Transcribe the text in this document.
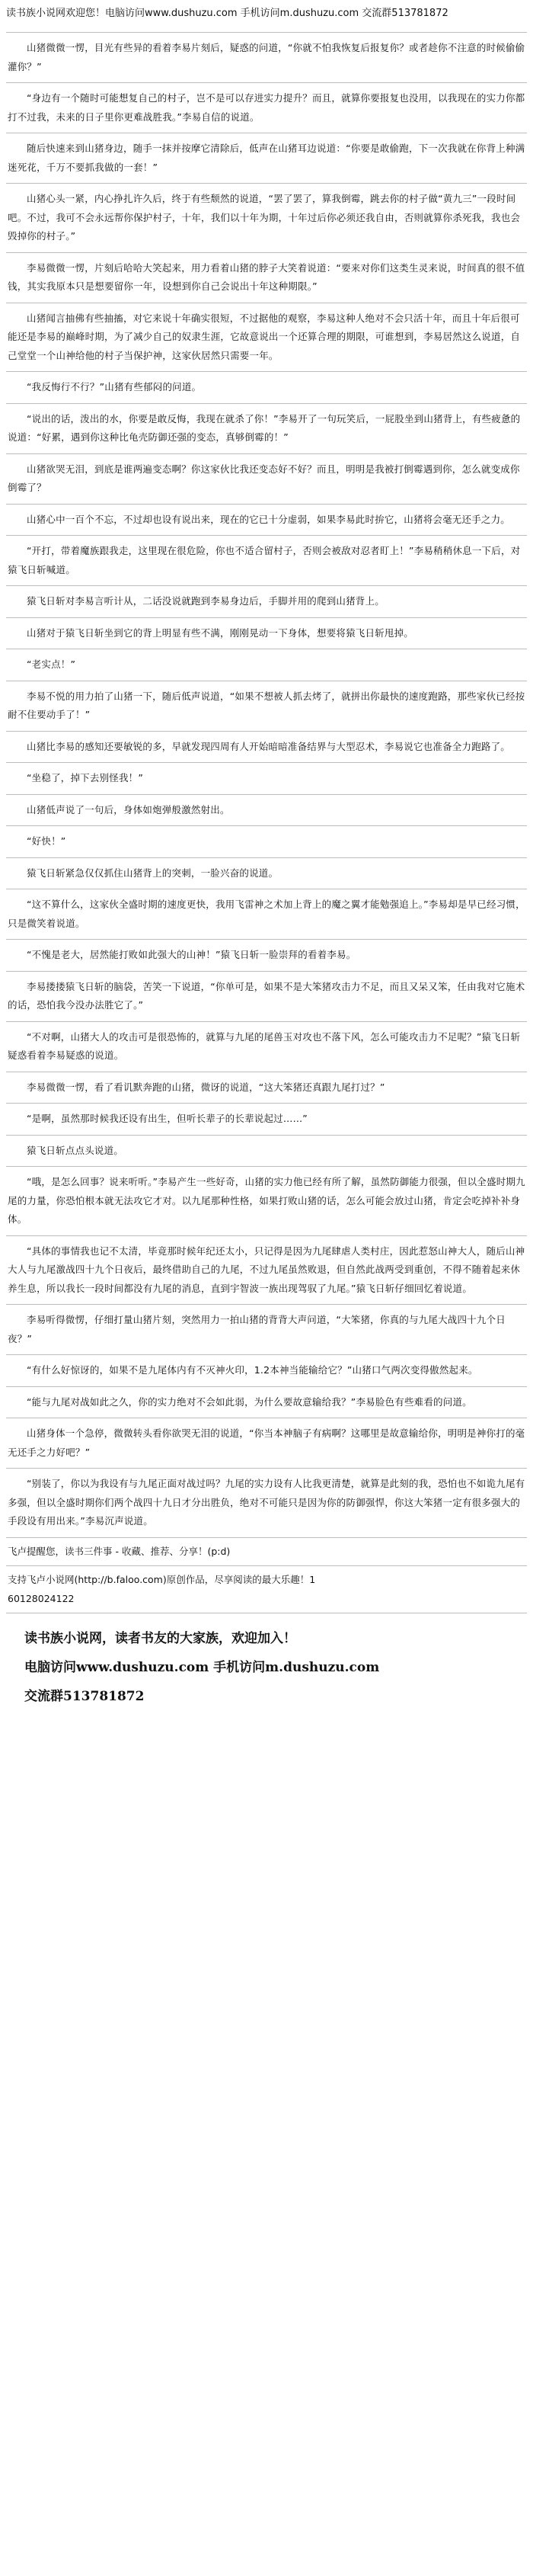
读书族小说网欢迎您！电脑访问www.dushuzu.com 手机访问m.dushuzu.com 交流群513781872

山猪微微一愣，目光有些异的看着李易片刻后，疑惑的问道，“你就不怕我恢复后报复你？或者趁你不注意的时候偷偷灌你？”

“身边有一个随时可能想复自己的村子，岂不是可以存进实力提升？而且，就算你要报复也没用，以我现在的实力你都打不过我，未来的日子里你更难战胜我。”李易自信的说道。

随后快速来到山猪身边，随手一抹并按摩它清除后，低声在山猪耳边说道：“你要是敢偷跑，下一次我就在你背上种满迷死花，千万不要抓我做的一套！”

山猪心头一紧，内心挣扎许久后，终于有些颓然的说道，“罢了罢了，算我倒霉，跳去你的村子做“黄九三”一段时间吧。不过，我可不会永远帮你保护村子，十年，我们以十年为期，十年过后你必须还我自由，否则就算你杀死我，我也会毁掉你的村子。”

李易微微一愣，片刻后哈哈大笑起来，用力看着山猪的脖子大笑着说道：“要来对你们这类生灵来说，时间真的很不值钱，其实我原本只是想要留你一年，设想到你自己会说出十年这种期限。”

山猪闻言抽佛有些抽搐，对它来说十年确实很短，不过据他的观察，李易这种人绝对不会只活十年，而且十年后很可能还是李易的巅峰时期，为了减少自己的奴隶生涯，它故意说出一个还算合理的期限，可谁想到，李易居然这么说道，自己堂堂一个山神给他的村子当保护神，这家伙居然只需要一年。

“我反悔行不行？”山猪有些郁闷的问道。

“说出的话，泼出的水，你要是敢反悔，我现在就杀了你！”李易开了一句玩笑后，一屁股坐到山猪背上，有些疲惫的说道：“好累，遇到你这种比龟壳防御还强的变态，真够倒霉的！”

山猪欲哭无泪，到底是谁两遍变态啊？你这家伙比我还变态好不好？而且，明明是我被打倒霉遇到你，怎么就变成你倒霉了？

山猪心中一百个不忘，不过却也设有说出来，现在的它已十分虚弱，如果李易此时拚它，山猪将会毫无还手之力。

“开打，带着魔族跟我走，这里现在很危险，你也不适合留村子，否则会被敌对忍者盯上！”李易稍稍休息一下后，对猿飞日斩喊道。

猿飞日斩对李易言听计从，二话没说就跑到李易身边后，手脚并用的爬到山猪背上。

山猪对于猿飞日斩坐到它的背上明显有些不满，刚刚晃动一下身体，想要将猿飞日斩甩掉。

“老实点！”

李易不悦的用力拍了山猪一下，随后低声说道，“如果不想被人抓去烤了，就拼出你最快的速度跑路，那些家伙已经按耐不住要动手了！”

山猪比李易的感知还要敏锐的多，早就发现四周有人开始暗暗准备结界与大型忍术，李易说它也准备全力跑路了。

“坐稳了，掉下去别怪我！”

山猪低声说了一句后，身体如炮弹般激然射出。

“好快！”

猿飞日斩紧急仅仅抓住山猪背上的突刺，一脸兴奋的说道。

“这不算什么，这家伙全盛时期的速度更快，我用飞雷神之术加上背上的魔之翼才能勉强追上。”李易却是早已经习惯，只是微笑着说道。

“不愧是老大，居然能打败如此强大的山神！”猿飞日斩一脸崇拜的看着李易。

李易搂搂猿飞日斩的脑袋，苦笑一下说道，“你单可是，如果不是大笨猪攻击力不足，而且又呆又笨，任由我对它施术的话，恐怕我今没办法胜它了。”

“不对啊，山猪大人的攻击可是很恐怖的，就算与九尾的尾兽玉对攻也不落下风，怎么可能攻击力不足呢？”猿飞日斩疑惑看着李易疑惑的说道。

李易微微一愣，看了看讥默奔跑的山猪，微讶的说道，“这大笨猪还真跟九尾打过？”

“是啊，虽然那时候我还设有出生，但听长辈子的长辈说起过……”

猿飞日斩点点头说道。

“哦，是怎么回事？说来听听。”李易产生一些好奇，山猪的实力他已经有所了解，虽然防御能力很强，但以全盛时期九尾的力量，你恐怕根本就无法攻它才对。以九尾那种性格，如果打败山猪的话，怎么可能会放过山猪，肯定会吃掉补补身体。

“具体的事情我也记不太清，毕竟那时候年纪还太小，只记得是因为九尾肆虐人类村庄，因此惹怒山神大人，随后山神大人与九尾激战四十九个日夜后，最终借助自己的九尾，不过九尾虽然败退，但自然此战两受到重创，不得不随着起来休养生息，所以我长一段时间都没有九尾的消息，直到宇智波一族出现驾驭了九尾。”猿飞日斩仔细回忆着说道。

李易听得微愣，仔细打量山猪片刻，突然用力一拍山猪的背背大声问道，“大笨猪，你真的与九尾大战四十九个日夜？”

“有什么好惊讶的，如果不是九尾体内有不灭神火印，1.2本神当能输给它？”山猪口气两次变得傲然起来。

“能与九尾对战如此之久，你的实力绝对不会如此弱，为什么要故意输给我？”李易脸色有些难看的问道。

山猪身体一个急停，微微转头看你欲哭无泪的说道，“你当本神脑子有病啊？这哪里是故意输给你，明明是神你打的毫无还手之力好吧？”

“别装了，你以为我设有与九尾正面对战过吗？九尾的实力设有人比我更清楚，就算是此刻的我，恐怕也不如诡九尾有多强，但以全盛时期你们两个战四十九日才分出胜负，绝对不可能只是因为你的防御强悍，你这大笨猪一定有很多强大的手段设有用出来。”李易沉声说道。

飞卢提醒您，读书三件事 - 收藏、推荐、分享！(p:d)
支持飞卢小说网(http://b.faloo.com)原创作品，尽享阅读的最大乐趣！1
60128024122
读书族小说网，读者书友的大家族，欢迎加入！
电脑访问www.dushuzu.com 手机访问m.dushuzu.com
交流群513781872
